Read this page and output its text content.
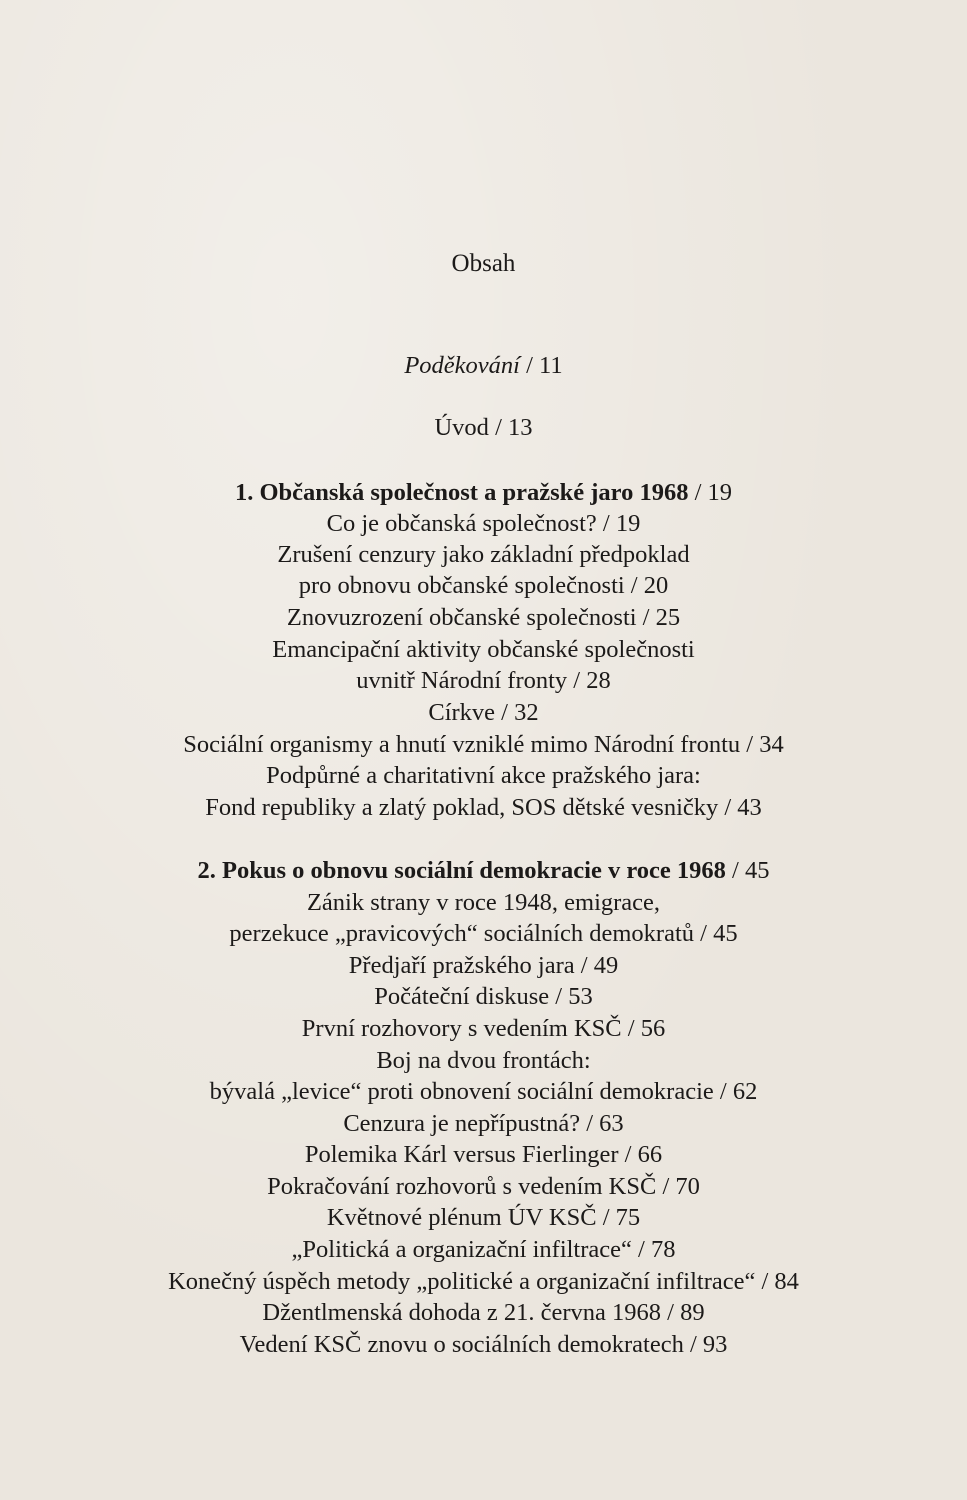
Obsah
Poděkování / 11
Úvod / 13
1. Občanská společnost a pražské jaro 1968 / 19
Co je občanská společnost? / 19
Zrušení cenzury jako základní předpoklad
pro obnovu občanské společnosti / 20
Znovuzrození občanské společnosti / 25
Emancipační aktivity občanské společnosti
uvnitř Národní fronty / 28
Církve / 32
Sociální organismy a hnutí vzniklé mimo Národní frontu / 34
Podpůrné a charitativní akce pražského jara:
Fond republiky a zlatý poklad, SOS dětské vesničky / 43
2. Pokus o obnovu sociální demokracie v roce 1968 / 45
Zánik strany v roce 1948, emigrace,
perzekuce „pravicových“ sociálních demokratů / 45
Předjaří pražského jara / 49
Počáteční diskuse / 53
První rozhovory s vedením KSČ / 56
Boj na dvou frontách:
bývalá „levice“ proti obnovení sociální demokracie / 62
Cenzura je nepřípustná? / 63
Polemika Kárl versus Fierlinger / 66
Pokračování rozhovorů s vedením KSČ / 70
Květnové plénum ÚV KSČ / 75
„Politická a organizační infiltrace“ / 78
Konečný úspěch metody „politické a organizační infiltrace“ / 84
Džentlmenská dohoda z 21. června 1968 / 89
Vedení KSČ znovu o sociálních demokratech / 93
